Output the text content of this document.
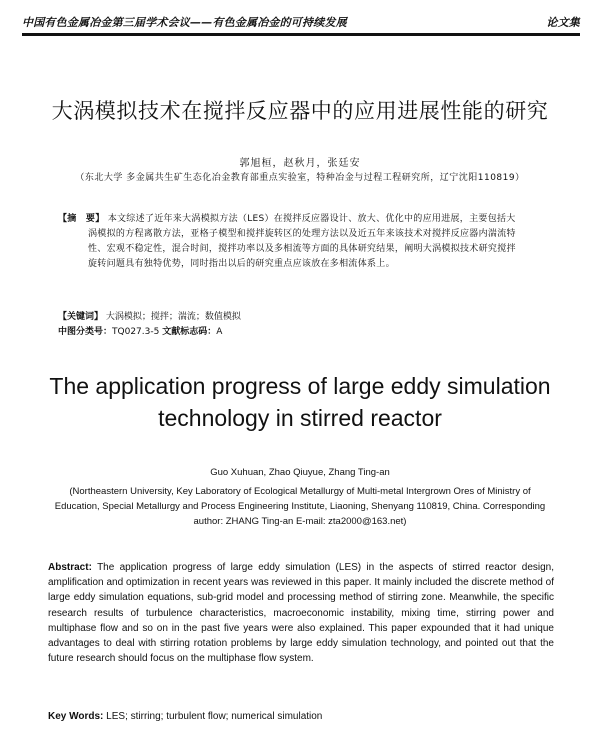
中国有色金属冶金第三届学术会议——有色金属冶金的可持续发展	论文集
大涡模拟技术在搅拌反应器中的应用进展性能的研究
郭旭桓，赵秋月，张廷安
（东北大学 多金属共生矿生态化冶金教育部重点实验室，特种冶金与过程工程研究所，辽宁沈阳110819）
【摘　要】 本文综述了近年来大涡模拟方法（LES）在搅拌反应器设计、放大、优化中的应用进展，主要包括大涡模拟的方程离散方法，亚格子模型和搅拌旋转区的处理方法以及近五年来该技术对搅拌反应器内湍流特性、宏观不稳定性，混合时间，搅拌功率以及多相流等方面的具体研究结果，阐明大涡模拟技术研究搅拌旋转问题具有独特优势，同时指出以后的研究重点应该放在多相流体系上。
【关键词】 大涡模拟；搅拌；湍流；数值模拟
中图分类号：TQ027.3-5 文献标志码：A
The application progress of large eddy simulation technology in stirred reactor
Guo Xuhuan, Zhao Qiuyue, Zhang Ting-an
(Northeastern University, Key Laboratory of Ecological Metallurgy of Multi-metal Intergrown Ores of Ministry of Education, Special Metallurgy and Process Engineering Institute, Liaoning, Shenyang 110819, China. Corresponding author: ZHANG Ting-an E-mail: zta2000@163.net)
Abstract: The application progress of large eddy simulation (LES) in the aspects of stirred reactor design, amplification and optimization in recent years was reviewed in this paper. It mainly included the discrete method of large eddy simulation equations, sub-grid model and processing method of stirring zone. Meanwhile, the specific research results of turbulence characteristics, macroeconomic instability, mixing time, stirring power and multiphase flow and so on in the past five years were also explained. This paper expounded that it had unique advantages to deal with stirring rotation problems by large eddy simulation technology, and pointed out that the future research should focus on the multiphase flow system.
Key Words: LES; stirring; turbulent flow; numerical simulation
